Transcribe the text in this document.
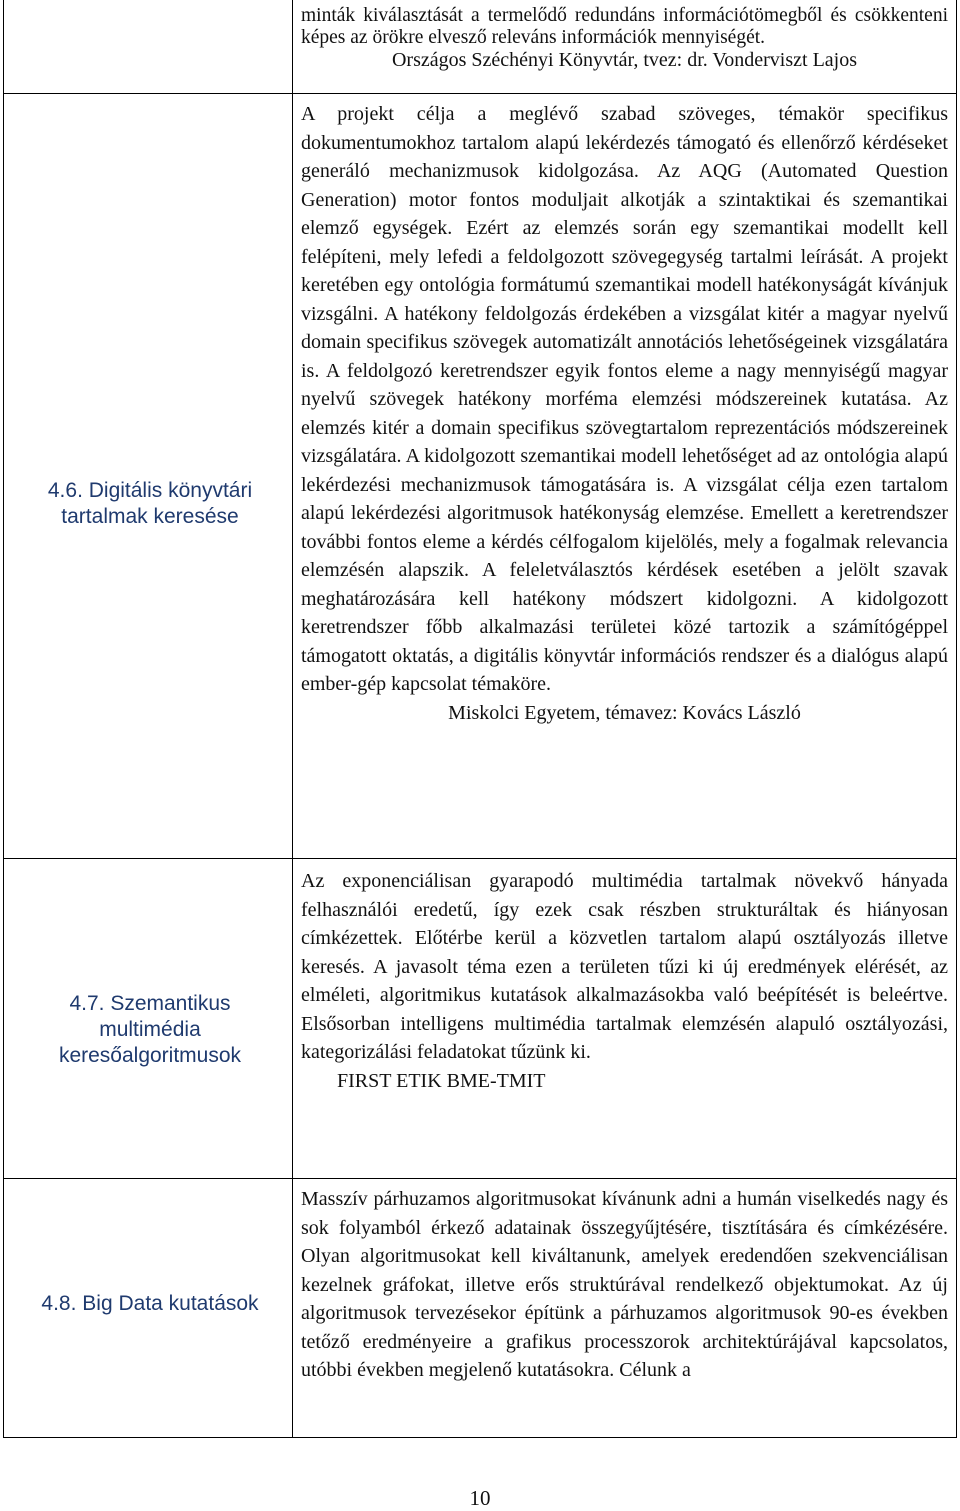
minták kiválasztását a termelődő redundáns információtömegből és csökkenteni képes az örökre elvesző releváns információk mennyiségét.

Országos Széchényi Könyvtár, tvez: dr. Vonderviszt Lajos

4.6. Digitális könyvtári tartalmak keresése

A projekt célja a meglévő szabad szöveges, témakör specifikus dokumentumokhoz tartalom alapú lekérdezés támogató és ellenőrző kérdéseket generáló mechanizmusok kidolgozása. Az AQG (Automated Question Generation) motor fontos moduljait alkotják a szintaktikai és szemantikai elemző egységek. Ezért az elemzés során egy szemantikai modellt kell felépíteni, mely lefedi a feldolgozott szövegegység tartalmi leírását. A projekt keretében egy ontológia formátumú szemantikai modell hatékonyságát kívánjuk vizsgálni. A hatékony feldolgozás érdekében a vizsgálat kitér a magyar nyelvű domain specifikus szövegek automatizált annotációs lehetőségeinek vizsgálatára is. A feldolgozó keretrendszer egyik fontos eleme a nagy mennyiségű magyar nyelvű szövegek hatékony morféma elemzési módszereinek kutatása. Az elemzés kitér a domain specifikus szövegtartalom reprezentációs módszereinek vizsgálatára. A kidolgozott szemantikai modell lehetőséget ad az ontológia alapú lekérdezési mechanizmusok támogatására is. A vizsgálat célja ezen tartalom alapú lekérdezési algoritmusok hatékonyság elemzése. Emellett a keretrendszer további fontos eleme a kérdés célfogalom kijelölés, mely a fogalmak relevancia elemzésén alapszik. A feleletválasztós kérdések esetében a jelölt szavak meghatározására kell hatékony módszert kidolgozni. A kidolgozott keretrendszer főbb alkalmazási területei közé tartozik a számítógéppel támogatott oktatás, a digitális könyvtár információs rendszer és a dialógus alapú ember-gép kapcsolat témaköre.

Miskolci Egyetem, témavez: Kovács László

4.7. Szemantikus multimédia keresőalgoritmusok

Az exponenciálisan gyarapodó multimédia tartalmak növekvő hányada felhasználói eredetű, így ezek csak részben strukturáltak és hiányosan címkézettek. Előtérbe kerül a közvetlen tartalom alapú osztályozás illetve keresés. A javasolt téma ezen a területen tűzi ki új eredmények elérését, az elméleti, algoritmikus kutatások alkalmazásokba való beépítését is beleértve. Elsősorban intelligens multimédia tartalmak elemzésén alapuló osztályozási, kategorizálási feladatokat tűzünk ki.

FIRST ETIK BME-TMIT

4.8. Big Data kutatások

Masszív párhuzamos algoritmusokat kívánunk adni a humán viselkedés nagy és sok folyamból érkező adatainak összegyűjtésére, tisztítására és címkézésére. Olyan algoritmusokat kell kiváltanunk, amelyek eredendően szekvenciálisan kezelnek gráfokat, illetve erős struktúrával rendelkező objektumokat. Az új algoritmusok tervezésekor építünk a párhuzamos algoritmusok 90-es években tetőző eredményeire a grafikus processzorok architektúrájával kapcsolatos, utóbbi években megjelenő kutatásokra. Célunk a

10
